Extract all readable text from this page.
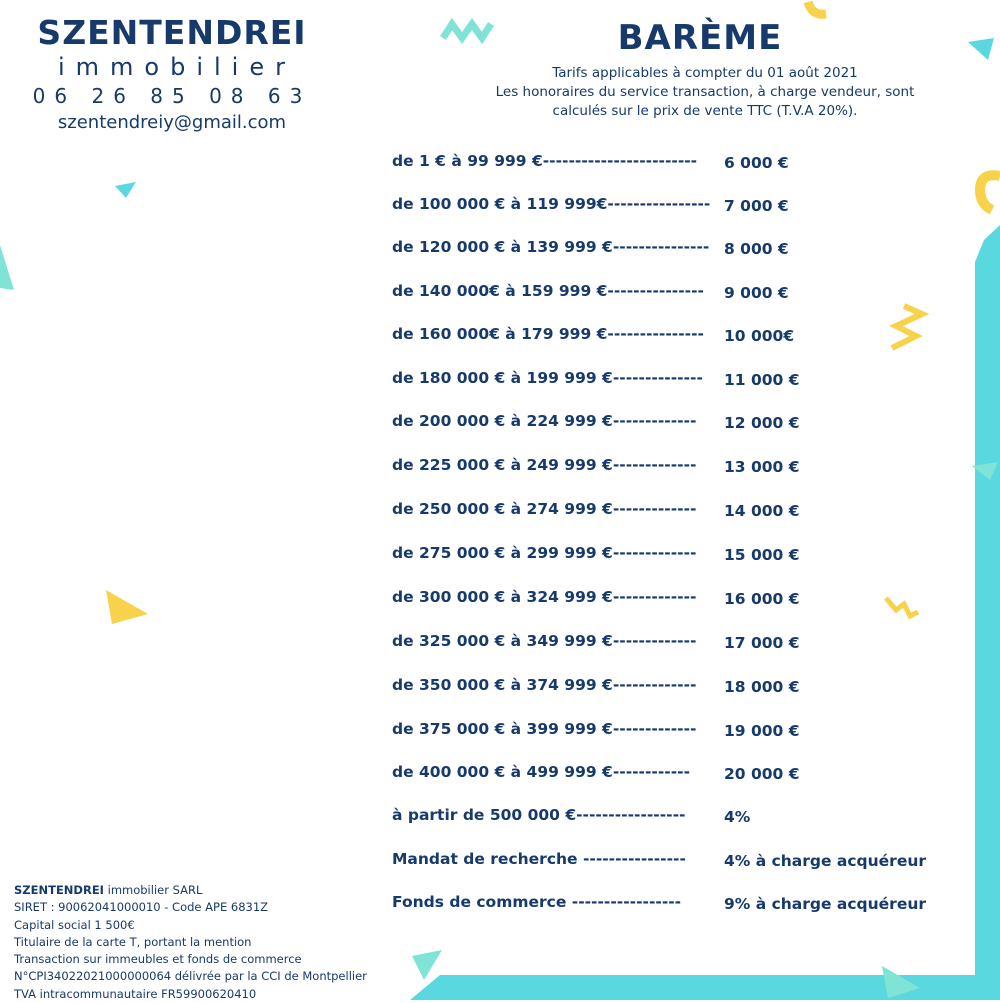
SZENTENDREI
immobilier
06 26 85 08 63
szentendreiy@gmail.com
BARÈME
Tarifs applicables à compter du 01 août 2021
Les honoraires du service transaction, à charge vendeur, sont
calculés sur le prix de vente TTC (T.V.A 20%).
de 1 € à 99 999 €------------------------ 6 000 €
de 100 000 € à 119 999€---------------- 7 000 €
de 120 000 € à 139 999 €--------------- 8 000 €
de 140 000€ à 159 999 €--------------- 9 000 €
de 160 000€ à 179 999 €--------------- 10 000€
de 180 000 € à 199 999 €-------------- 11 000 €
de 200 000 € à 224 999 €------------- 12 000 €
de 225 000 € à 249 999 €------------- 13 000 €
de 250 000 € à 274 999 €------------- 14 000 €
de 275 000 € à 299 999 €------------- 15 000 €
de 300 000 € à 324 999 €------------- 16 000 €
de 325 000 € à 349 999 €------------- 17 000 €
de 350 000 € à 374 999 €------------- 18 000 €
de 375 000 € à 399 999 €------------- 19 000 €
de 400 000 € à 499 999 €------------ 20 000 €
à partir de 500 000 €----------------- 4%
Mandat de recherche ---------------- 4% à charge acquéreur
Fonds de commerce -----------------	9% à charge acquéreur
SZENTENDREI immobilier SARL
SIRET : 90062041000010 - Code APE 6831Z
Capital social 1 500€
Titulaire de la carte T, portant la mention
Transaction sur immeubles et fonds de commerce
N°CPI34022021000000064 délivrée par la CCI de Montpellier
TVA intracommunautaire FR59900620410
